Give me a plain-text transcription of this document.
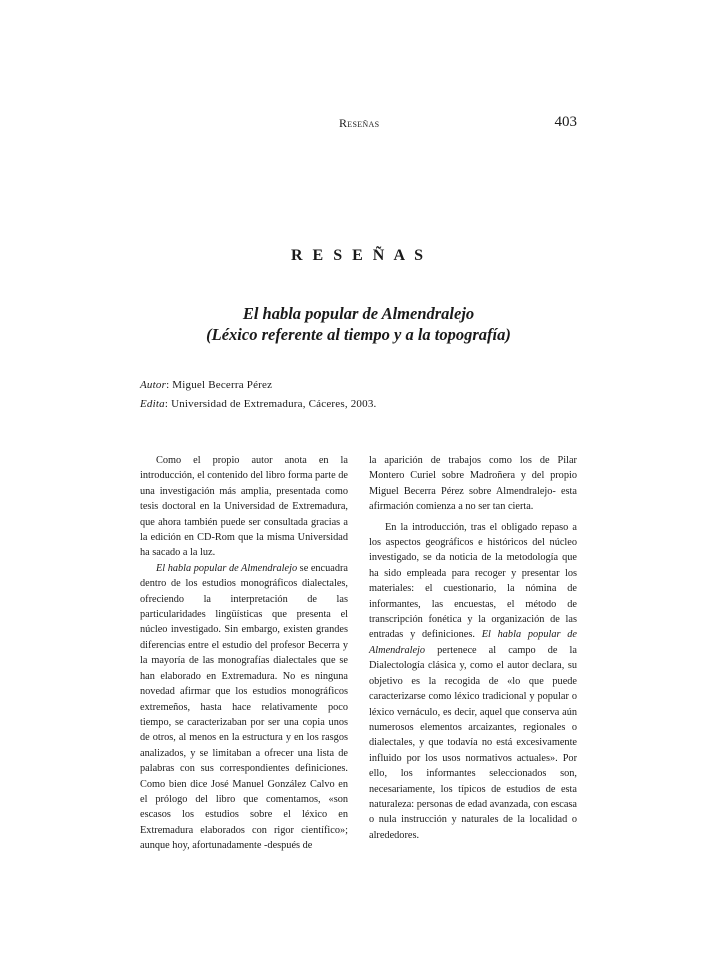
Reseñas	403
R E S E Ñ A S
El habla popular de Almendralejo
(Léxico referente al tiempo y a la topografía)
Autor: Miguel Becerra Pérez
Edita: Universidad de Extremadura, Cáceres, 2003.

Como el propio autor anota en la introducción, el contenido del libro forma parte de una investigación más amplia, presentada como tesis doctoral en la Universidad de Extremadura, que ahora también puede ser consultada gracias a la edición en CD-Rom que la misma Universidad ha sacado a la luz.

El habla popular de Almendralejo se encuadra dentro de los estudios monográficos dialectales, ofreciendo la interpretación de las particularidades lingüísticas que presenta el núcleo investigado. Sin embargo, existen grandes diferencias entre el estudio del profesor Becerra y la mayoría de las monografías dialectales que se han elaborado en Extremadura. No es ninguna novedad afirmar que los estudios monográficos extremeños, hasta hace relativamente poco tiempo, se caracterizaban por ser una copia unos de otros, al menos en la estructura y en los rasgos analizados, y se limitaban a ofrecer una lista de palabras con sus correspondientes definiciones. Como bien dice José Manuel González Calvo en el prólogo del libro que comentamos, «son escasos los estudios sobre el léxico en Extremadura elaborados con rigor científico»; aunque hoy, afortunadamente -después de

la aparición de trabajos como los de Pilar Montero Curiel sobre Madroñera y del propio Miguel Becerra Pérez sobre Almendralejo- esta afirmación comienza a no ser tan cierta.

En la introducción, tras el obligado repaso a los aspectos geográficos e históricos del núcleo investigado, se da noticia de la metodología que ha sido empleada para recoger y presentar los materiales: el cuestionario, la nómina de informantes, las encuestas, el método de transcripción fonética y la organización de las entradas y definiciones. El habla popular de Almendralejo pertenece al campo de la Dialectología clásica y, como el autor declara, su objetivo es la recogida de «lo que puede caracterizarse como léxico tradicional y popular o léxico vernáculo, es decir, aquel que conserva aún numerosos elementos arcaizantes, regionales o dialectales, y que todavía no está excesivamente influido por los usos normativos actuales». Por ello, los informantes seleccionados son, necesariamente, los típicos de estudios de esta naturaleza: personas de edad avanzada, con escasa o nula instrucción y naturales de la localidad o alrededores.
